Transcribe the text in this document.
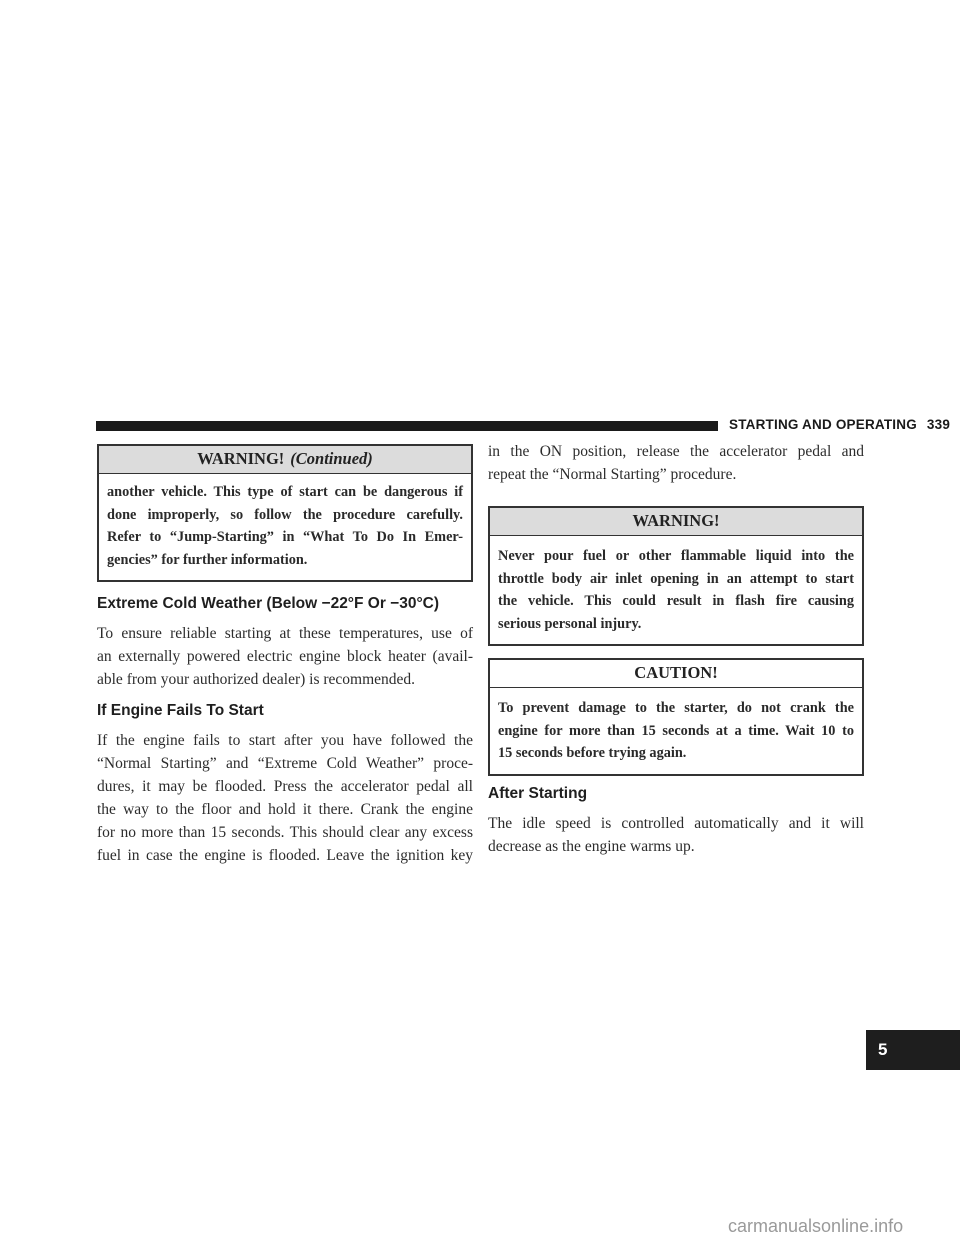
STARTING AND OPERATING 339
WARNING! (Continued)
another vehicle. This type of start can be dangerous if
done improperly, so follow the procedure carefully.
Refer to “Jump-Starting” in “What To Do In Emer-
gencies” for further information.
Extreme Cold Weather (Below −22°F Or −30°C)

To ensure reliable starting at these temperatures, use of
an externally powered electric engine block heater (avail-
able from your authorized dealer) is recommended.

If Engine Fails To Start

If the engine fails to start after you have followed the
“Normal Starting” and “Extreme Cold Weather” proce-
dures, it may be flooded. Press the accelerator pedal all
the way to the floor and hold it there. Crank the engine
for no more than 15 seconds. This should clear any excess
fuel in case the engine is flooded. Leave the ignition key

in the ON position, release the accelerator pedal and
repeat the “Normal Starting” procedure.

WARNING!
Never pour fuel or other flammable liquid into the
throttle body air inlet opening in an attempt to start
the vehicle. This could result in flash fire causing
serious personal injury.
CAUTION!
To prevent damage to the starter, do not crank the
engine for more than 15 seconds at a time. Wait 10 to
15 seconds before trying again.
After Starting

The idle speed is controlled automatically and it will
decrease as the engine warms up.

5
carmanualsonline.info
